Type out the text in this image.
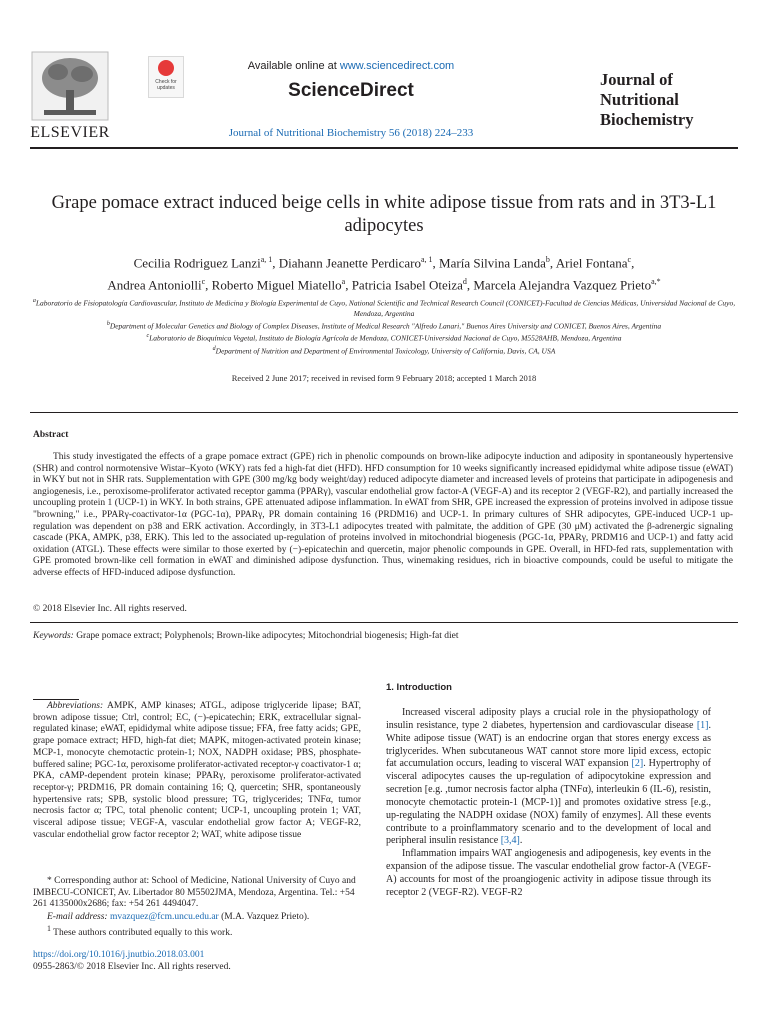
ELSEVIER
Check for updates
Available online at www.sciencedirect.com
ScienceDirect
Journal of Nutritional Biochemistry 56 (2018) 224–233
Journal of
Nutritional
Biochemistry
Grape pomace extract induced beige cells in white adipose tissue from rats and in 3T3-L1 adipocytes
Cecilia Rodriguez Lanzi$^{a, 1}$, Diahann Jeanette Perdicaro$^{a, 1}$, María Silvina Landa$^b$, Ariel Fontana$^c$,
Andrea Antoniolli$^c$, Roberto Miguel Miatello$^a$, Patricia Isabel Oteiza$^d$, Marcela Alejandra Vazquez Prieto$^{a,*}$
$^a$Laboratorio de Fisiopatología Cardiovascular, Instituto de Medicina y Biología Experimental de Cuyo, National Scientific and Technical Research Council (CONICET)-Facultad de Ciencias Médicas, Universidad Nacional de Cuyo, Mendoza, Argentina
$^b$Department of Molecular Genetics and Biology of Complex Diseases, Institute of Medical Research "Alfredo Lanari," Buenos Aires University and CONICET, Buenos Aires, Argentina
$^c$Laboratorio de Bioquímica Vegetal, Instituto de Biología Agrícola de Mendoza, CONICET-Universidad Nacional de Cuyo, M5528AHB, Mendoza, Argentina
$^d$Department of Nutrition and Department of Environmental Toxicology, University of California, Davis, CA, USA
Received 2 June 2017; received in revised form 9 February 2018; accepted 1 March 2018
Abstract
This study investigated the effects of a grape pomace extract (GPE) rich in phenolic compounds on brown-like adipocyte induction and adiposity in spontaneously hypertensive (SHR) and control normotensive Wistar–Kyoto (WKY) rats fed a high-fat diet (HFD). HFD consumption for 10 weeks significantly increased epididymal white adipose tissue (eWAT) in WKY but not in SHR rats. Supplementation with GPE (300 mg/kg body weight/day) reduced adipocyte diameter and increased levels of proteins that participate in adipogenesis and angiogenesis, i.e., peroxisome-proliferator activated receptor gamma (PPARγ), vascular endothelial grow factor-A (VEGF-A) and its receptor 2 (VEGF-R2), and partially increased the uncoupling protein 1 (UCP-1) in WKY. In both strains, GPE attenuated adipose inflammation. In eWAT from SHR, GPE increased the expression of proteins involved in adipose tissue "browning," i.e., PPARγ-coactivator-1α (PGC-1α), PPARγ, PR domain containing 16 (PRDM16) and UCP-1. In primary cultures of SHR adipocytes, GPE-induced UCP-1 up-regulation was dependent on p38 and ERK activation. Accordingly, in 3T3-L1 adipocytes treated with palmitate, the addition of GPE (30 μM) activated the β-adrenergic signaling cascade (PKA, AMPK, p38, ERK). This led to the associated up-regulation of proteins involved in mitochondrial biogenesis (PGC-1α, PPARγ, PRDM16 and UCP-1) and fatty acid oxidation (ATGL). These effects were similar to those exerted by (−)-epicatechin and quercetin, major phenolic compounds in GPE. Overall, in HFD-fed rats, supplementation with GPE promoted brown-like cell formation in eWAT and diminished adipose dysfunction. Thus, winemaking residues, rich in bioactive compounds, could be useful to mitigate the adverse effects of HFD-induced adipose dysfunction.
© 2018 Elsevier Inc. All rights reserved.
Keywords: Grape pomace extract; Polyphenols; Brown-like adipocytes; Mitochondrial biogenesis; High-fat diet
Abbreviations: AMPK, AMP kinases; ATGL, adipose triglyceride lipase; BAT, brown adipose tissue; Ctrl, control; EC, (−)-epicatechin; ERK, extracellular signal-regulated kinase; eWAT, epididymal white adipose tissue; FFA, free fatty acids; GPE, grape pomace extract; HFD, high-fat diet; MAPK, mitogen-activated protein kinase; MCP-1, monocyte chemotactic protein-1; NOX, NADPH oxidase; PBS, phosphate-buffered saline; PGC-1α, peroxisome proliferator-activated receptor-γ coactivator-1 α; PKA, cAMP-dependent protein kinase; PPARγ, peroxisome proliferator-activated receptor-γ; PRDM16, PR domain containing 16; Q, quercetin; SHR, spontaneously hypertensive rats; SPB, systolic blood pressure; TG, triglycerides; TNFα, tumor necrosis factor α; TPC, total phenolic content; UCP-1, uncoupling protein 1; VAT, visceral adipose tissue; VEGF-A, vascular endothelial grow factor A; VEGF-R2, vascular endothelial grow factor receptor 2; WAT, white adipose tissue
* Corresponding author at: School of Medicine, National University of Cuyo and IMBECU-CONICET, Av. Libertador 80 M5502JMA, Mendoza, Argentina. Tel.: +54 261 4135000x2686; fax: +54 261 4494047.
E-mail address: mvazquez@fcm.uncu.edu.ar (M.A. Vazquez Prieto).
$^1$ These authors contributed equally to this work.
https://doi.org/10.1016/j.jnutbio.2018.03.001
0955-2863/© 2018 Elsevier Inc. All rights reserved.
1. Introduction

Increased visceral adiposity plays a crucial role in the physiopathology of insulin resistance, type 2 diabetes, hypertension and cardiovascular disease [1]. White adipose tissue (WAT) is an endocrine organ that stores energy excess as triglycerides. When subcutaneous WAT cannot store more lipid excess, ectopic fat accumulation occurs, leading to visceral WAT expansion [2]. Hypertrophy of visceral adipocytes causes the up-regulation of adipocytokine expression and secretion [e.g. ,tumor necrosis factor alpha (TNFα), interleukin 6 (IL-6), resistin, monocyte chemotactic protein-1 (MCP-1)] and promotes oxidative stress [e.g., up-regulating the NADPH oxidase (NOX) family of enzymes]. All these events contribute to a proinflammatory scenario and to the development of local and peripheral insulin resistance [3,4].

Inflammation impairs WAT angiogenesis and adipogenesis, key events in the expansion of the adipose tissue. The vascular endothelial grow factor-A (VEGF-A) accounts for most of the proangiogenic activity in adipose tissue through its receptor 2 (VEGF-R2). VEGF-R2
